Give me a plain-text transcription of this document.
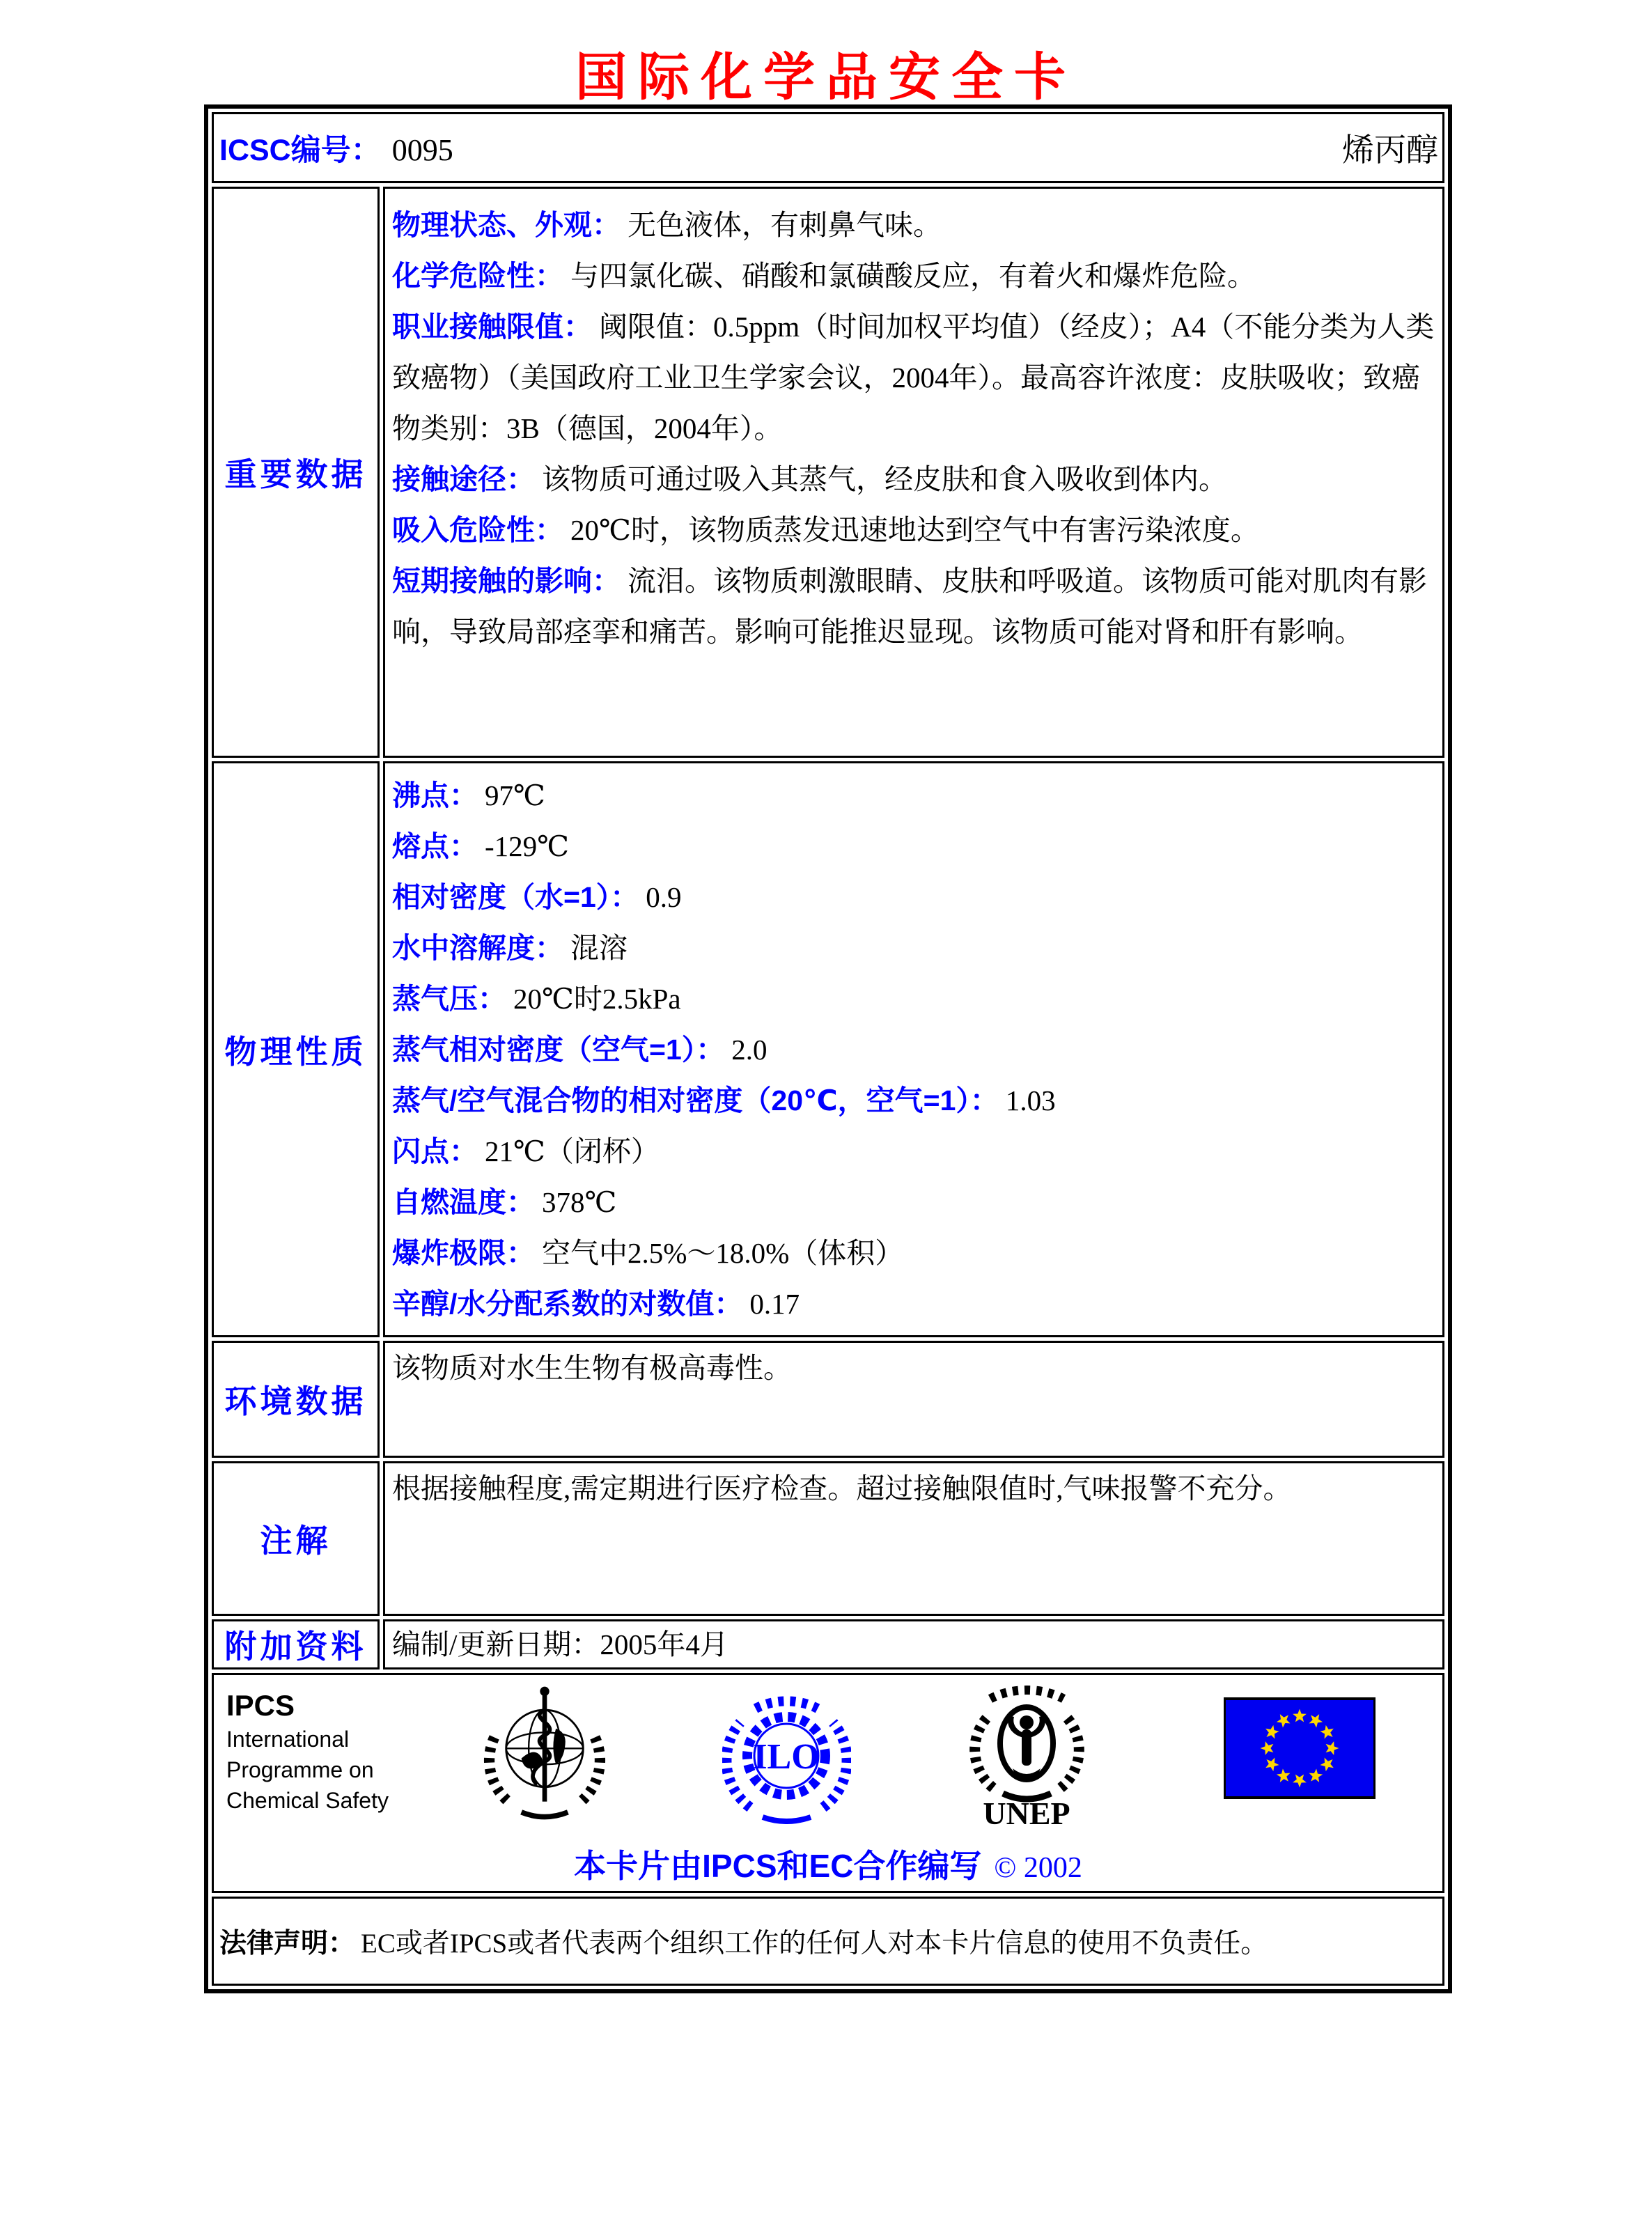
国际化学品安全卡
ICSC编号： 0095 烯丙醇	

重要数据	
物理状态、外观： 无色液体，有刺鼻气味。
化学危险性： 与四氯化碳、硝酸和氯磺酸反应，有着火和爆炸危险。
职业接触限值： 阈限值：0.5ppm（时间加权平均值）（经皮）；A4（不能分类为人类致癌物）（美国政府工业卫生学家会议，2004年）。最高容许浓度：皮肤吸收；致癌物类别：3B（德国，2004年）。
接触途径： 该物质可通过吸入其蒸气，经皮肤和食入吸收到体内。
吸入危险性： 20℃时，该物质蒸发迅速地达到空气中有害污染浓度。
短期接触的影响： 流泪。该物质刺激眼睛、皮肤和呼吸道。该物质可能对肌肉有影响，导致局部痉挛和痛苦。影响可能推迟显现。该物质可能对肾和肝有影响。

物理性质	
沸点： 97℃
熔点： -129℃
相对密度（水=1）： 0.9
水中溶解度： 混溶
蒸气压： 20℃时2.5kPa
蒸气相对密度（空气=1）： 2.0
蒸气/空气混合物的相对密度（20℃，空气=1）： 1.03
闪点： 21℃（闭杯）
自燃温度： 378℃
爆炸极限： 空气中2.5%～18.0%（体积）
辛醇/水分配系数的对数值： 0.17

环境数据	该物质对水生生物有极高毒性。
注解	根据接触程度,需定期进行医疗检查。超过接触限值时,气味报警不充分。
附加资料	编制/更新日期：2005年4月

IPCS
International
Programme on
Chemical Safety
ILO
UNEP
本卡片由IPCS和EC合作编写 © 2002

法律声明： EC或者IPCS或者代表两个组织工作的任何人对本卡片信息的使用不负责任。	
